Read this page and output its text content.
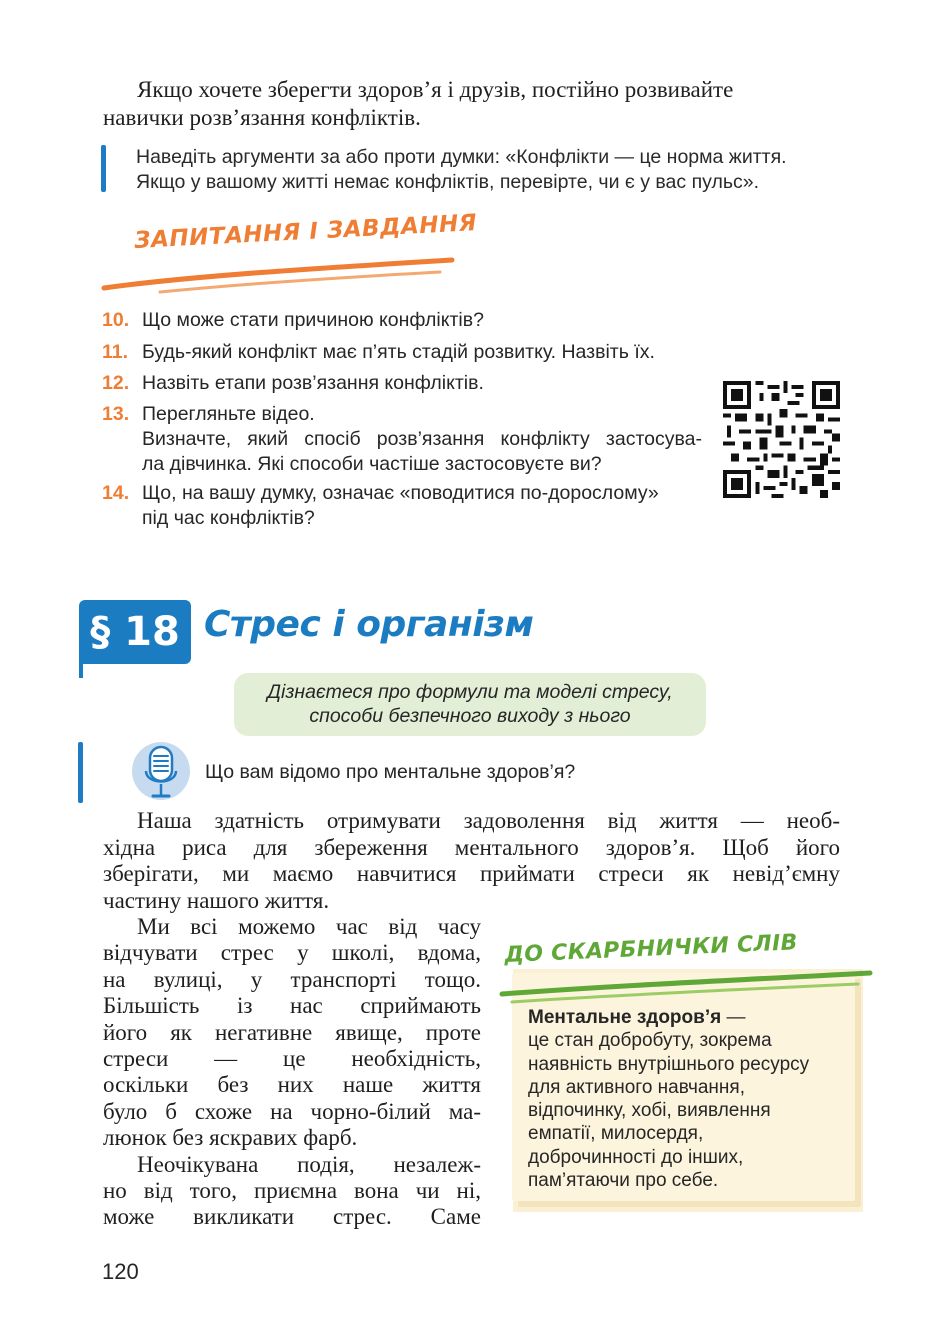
Якщо хочете зберегти здоров’я і друзів, постійно розвивайте
навички розв’язання конфліктів.
Наведіть аргументи за або проти думки: «Конфлікти — це норма життя.
Якщо у вашому житті немає конфліктів, перевірте, чи є у вас пульс».
ЗАПИТАННЯ І ЗАВДАННЯ
10. Що може стати причиною конфліктів?
11. Будь-який конфлікт має п’ять стадій розвитку. Назвіть їх.
12. Назвіть етапи розв’язання конфліктів.
13. Перегляньте відео.
Визначте, який спосіб розв’язання конфлікту застосува-
ла дівчинка. Які способи частіше застосовуєте ви?
14. Що, на вашу думку, означає «поводитися по-дорослому»
під час конфліктів?
§ 18 Стрес і організм
Дізнаєтеся про формули та моделі стресу,
способи безпечного виходу з нього
Що вам відомо про ментальне здоров’я?
Наша здатність отримувати задоволення від життя — необ-
хідна риса для збереження ментального здоров’я. Щоб його
зберігати, ми маємо навчитися приймати стреси як невід’ємну
частину нашого життя.
Ми всі можемо час від часу
відчувати стрес у школі, вдома,
на вулиці, у транспорті тощо.
Більшість із нас сприймають
його як негативне явище, проте
стреси — це необхідність,
оскільки без них наше життя
було б схоже на чорно-білий ма-
люнок без яскравих фарб.
Неочікувана подія, незалеж-
но від того, приємна вона чи ні,
може викликати стрес. Саме
ДО СКАРБНИЧКИ СЛІВ
Ментальне здоров’я —
це стан добробуту, зокрема
наявність внутрішнього ресурсу
для активного навчання,
відпочинку, хобі, виявлення
емпатії, милосердя,
доброчинності до інших,
пам’ятаючи про себе.
120
